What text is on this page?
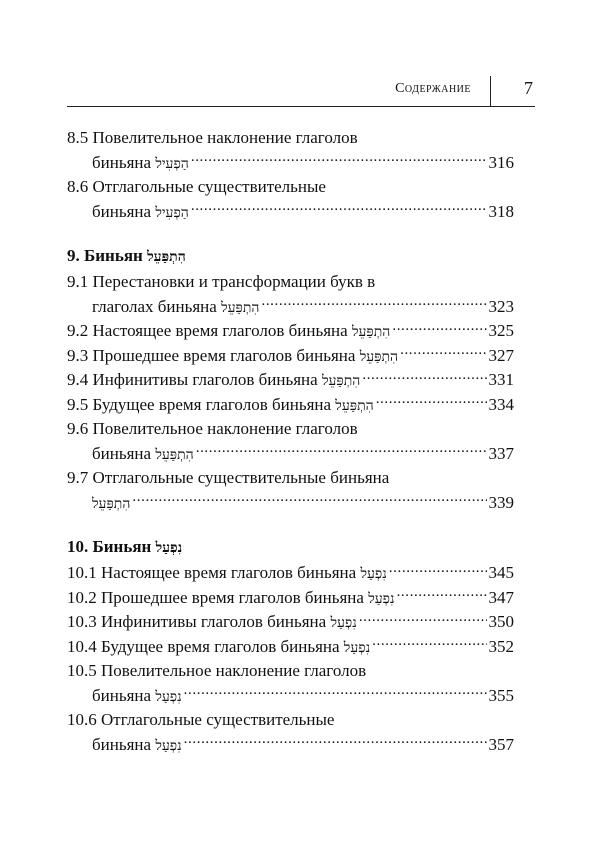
Содержание	7
8.5 Повелительное наклонение глаголов
биньяна הַפְעִיל .....	316
8.6 Отглагольные существительные
биньяна הַפְעִיל .....	318
9. Биньян הִתְפַּעֵל
9.1 Перестановки и трансформации букв в
глаголах биньяна הִתְפַּעֵל .....	323
9.2 Настоящее время глаголов биньяна הִתְפַּעֵל .....	325
9.3 Прошедшее время глаголов биньяна הִתְפַּעֵל .....	327
9.4 Инфинитивы глаголов биньяна הִתְפַּעֵל .....	331
9.5 Будущее время глаголов биньяна הִתְפַּעֵל .....	334
9.6 Повелительное наклонение глаголов
биньяна הִתְפַּעֵל .....	337
9.7 Отглагольные существительные биньяна
הִתְפַּעֵל .....	339
10. Биньян נִפְעַל
10.1 Настоящее время глаголов биньяна נִפְעַל .....	345
10.2 Прошедшее время глаголов биньяна נִפְעַל .....	347
10.3 Инфинитивы глаголов биньяна נִפְעַל .....	350
10.4 Будущее время глаголов биньяна נִפְעַל .....	352
10.5 Повелительное наклонение глаголов
биньяна נִפְעַל .....	355
10.6 Отглагольные существительные
биньяна נִפְעַל .....	357
